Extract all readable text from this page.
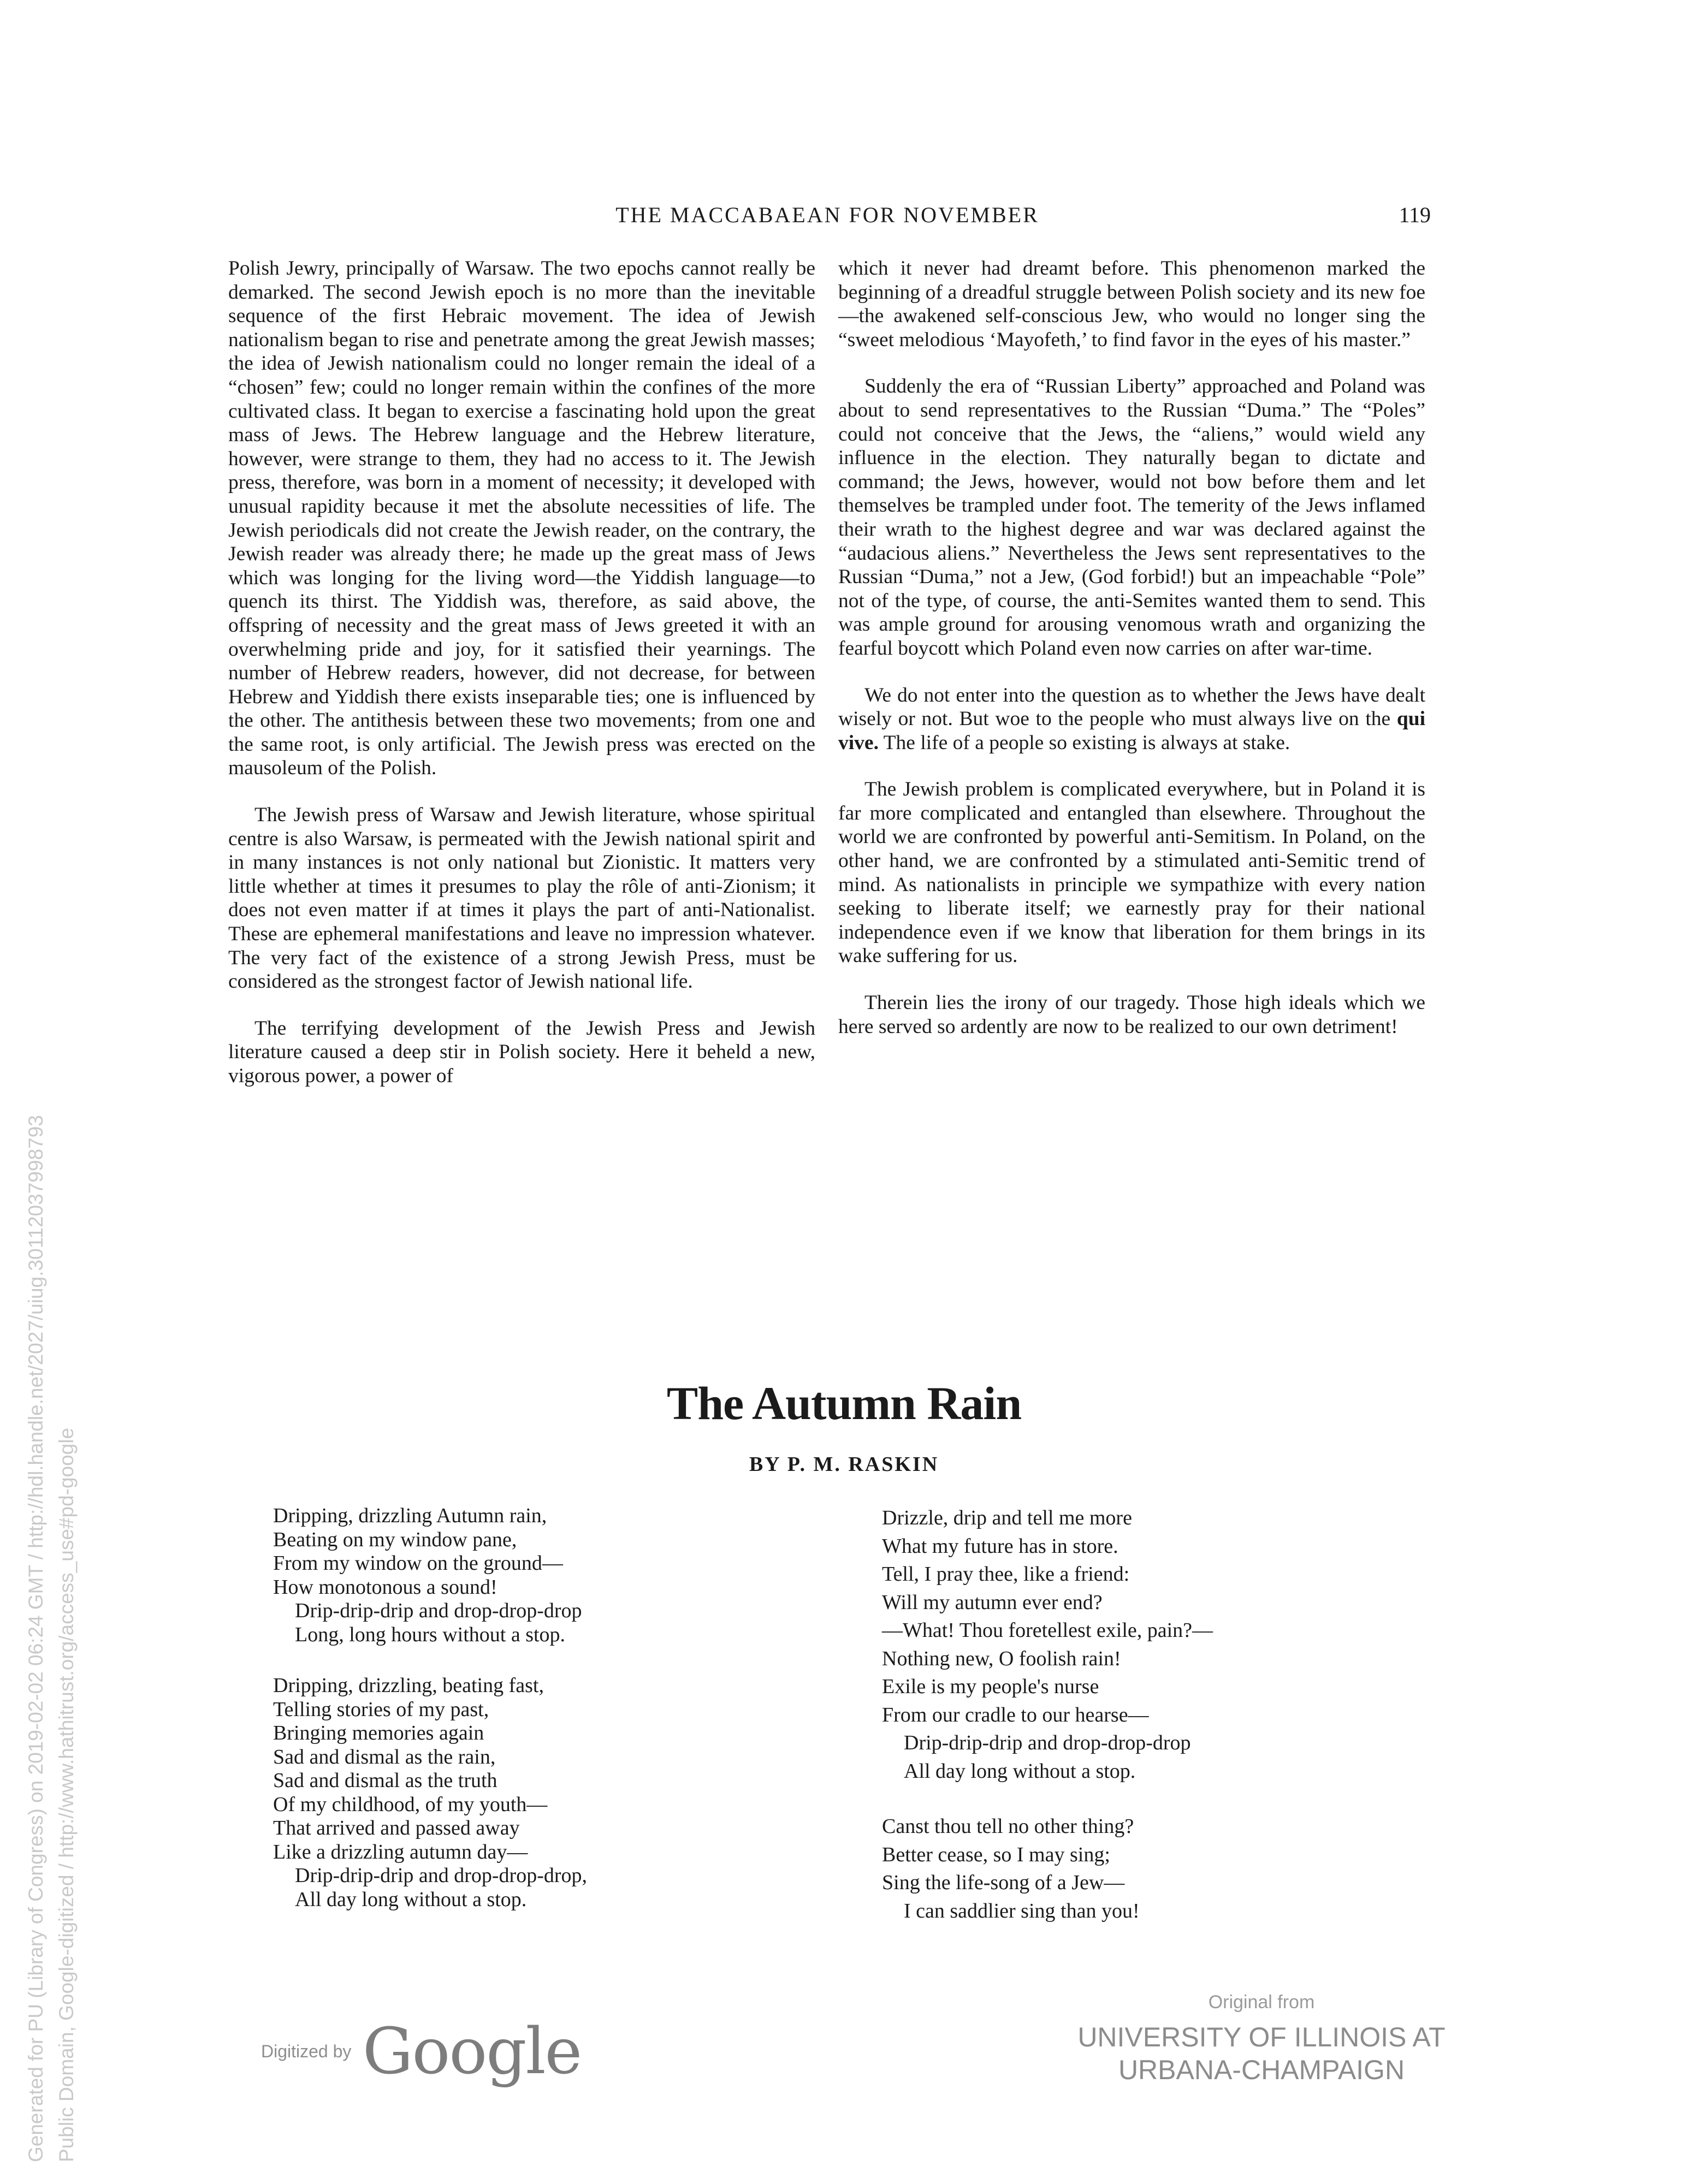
THE MACCABAEAN FOR NOVEMBER	119

Polish Jewry, principally of Warsaw. The two epochs cannot really be demarked. The second Jewish epoch is no more than the inevitable sequence of the first Hebraic movement. The idea of Jewish nationalism began to rise and penetrate among the great Jewish masses; the idea of Jewish nationalism could no longer remain the ideal of a “chosen” few; could no longer remain within the confines of the more cultivated class. It began to exercise a fascinating hold upon the great mass of Jews. The Hebrew language and the Hebrew literature, however, were strange to them, they had no access to it. The Jewish press, therefore, was born in a moment of necessity; it developed with unusual rapidity because it met the absolute necessities of life. The Jewish periodicals did not create the Jewish reader, on the contrary, the Jewish reader was already there; he made up the great mass of Jews which was longing for the living word—the Yiddish language—to quench its thirst. The Yiddish was, therefore, as said above, the offspring of necessity and the great mass of Jews greeted it with an overwhelming pride and joy, for it satisfied their yearnings. The number of Hebrew readers, however, did not decrease, for between Hebrew and Yiddish there exists inseparable ties; one is influenced by the other. The antithesis between these two movements; from one and the same root, is only artificial. The Jewish press was erected on the mausoleum of the Polish.

The Jewish press of Warsaw and Jewish literature, whose spiritual centre is also Warsaw, is permeated with the Jewish national spirit and in many instances is not only national but Zionistic. It matters very little whether at times it presumes to play the rôle of anti-Zionism; it does not even matter if at times it plays the part of anti-Nationalist. These are ephemeral manifestations and leave no impression whatever. The very fact of the existence of a strong Jewish Press, must be considered as the strongest factor of Jewish national life.

The terrifying development of the Jewish Press and Jewish literature caused a deep stir in Polish society. Here it beheld a new, vigorous power, a power of

which it never had dreamt before. This phenomenon marked the beginning of a dreadful struggle between Polish society and its new foe—the awakened self-conscious Jew, who would no longer sing the “sweet melodious ‘Mayofeth,’ to find favor in the eyes of his master.”

Suddenly the era of “Russian Liberty” approached and Poland was about to send representatives to the Russian “Duma.” The “Poles” could not conceive that the Jews, the “aliens,” would wield any influence in the election. They naturally began to dictate and command; the Jews, however, would not bow before them and let themselves be trampled under foot. The temerity of the Jews inflamed their wrath to the highest degree and war was declared against the “audacious aliens.” Nevertheless the Jews sent representatives to the Russian “Duma,” not a Jew, (God forbid!) but an impeachable “Pole” not of the type, of course, the anti-Semites wanted them to send. This was ample ground for arousing venomous wrath and organizing the fearful boycott which Poland even now carries on after war-time.

We do not enter into the question as to whether the Jews have dealt wisely or not. But woe to the people who must always live on the qui vive. The life of a people so existing is always at stake.

The Jewish problem is complicated everywhere, but in Poland it is far more complicated and entangled than elsewhere. Throughout the world we are confronted by powerful anti-Semitism. In Poland, on the other hand, we are confronted by a stimulated anti-Semitic trend of mind. As nationalists in principle we sympathize with every nation seeking to liberate itself; we earnestly pray for their national independence even if we know that liberation for them brings in its wake suffering for us.

Therein lies the irony of our tragedy. Those high ideals which we here served so ardently are now to be realized to our own detriment!

The Autumn Rain
BY P. M. RASKIN
Dripping, drizzling Autumn rain,
Beating on my window pane,
From my window on the ground—
How monotonous a sound!
Drip-drip-drip and drop-drop-drop
Long, long hours without a stop.
Dripping, drizzling, beating fast,
Telling stories of my past,
Bringing memories again
Sad and dismal as the rain,
Sad and dismal as the truth
Of my childhood, of my youth—
That arrived and passed away
Like a drizzling autumn day—
Drip-drip-drip and drop-drop-drop,
All day long without a stop.
Drizzle, drip and tell me more
What my future has in store.
Tell, I pray thee, like a friend:
Will my autumn ever end?
—What! Thou foretellest exile, pain?—
Nothing new, O foolish rain!
Exile is my people's nurse
From our cradle to our hearse—
Drip-drip-drip and drop-drop-drop
All day long without a stop.
Canst thou tell no other thing?
Better cease, so I may sing;
Sing the life-song of a Jew—
I can saddlier sing than you!
Digitized by Google
Original from
UNIVERSITY OF ILLINOIS AT
URBANA-CHAMPAIGN
Generated for PU (Library of Congress) on 2019-02-02 06:24 GMT / http://hdl.handle.net/2027/uiug.30112037998793 Public Domain, Google-digitized / http://www.hathitrust.org/access_use#pd-google
